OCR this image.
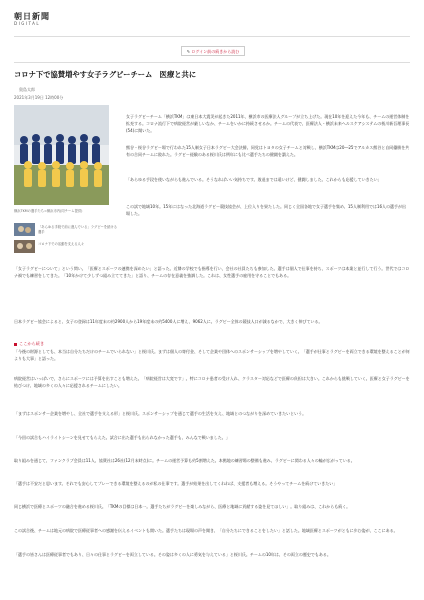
朝日新聞
DIGITAL
✎ ログイン前の続きから読む
コロナ下で協賛増やす女子ラグビーチーム　医療と共に
奥島太郎
2021年3月19日 12時00分
横浜TKMの選手たち=横浜市内(同チーム提供)
「あらゆる手段で前に進んでいる」ラグビーを続ける選手
コロナ下での活動を支える人々

女子ラグビーチーム「横浜TKM」は東日本大震災が起きた2011年、横浜市の医療法人グループが立ち上げた。現在10年を迎えた今年も、チームの運営体制を拡充する。コロナ流行下で病院経営が厳しいなか、チームをいかに持続させるか。チームの代表で、医療法人・横浜未来ヘルスケアシステムの桜川新吾理事長(54)に聞いた。

熊谷・桜谷ラグビー場で行われた15人制女子日本ラグビー大会決勝。同党はトヨタの女子チームと対戦し、横浜TKMは20―25でアルカス熊谷と自同優勝を共有の合同チームに敗れた。ラグビー経験のある桜川氏は例年にも比べ選手たちの健闘を讃えた。

「あらゆる手段を使いながらも進んでいる。そうなればいい気持ちです。敗退までは遠いけど、健闘しました。これからも応援していきたい」

この試で地域10年。15年にはなった北海道ラグビー競技協会が、上位入りを果たした。同じく全国各地で女子選手を集め、15人制利用では16人の選手が出場した。

「女子ラグビーについて」という問い。「医療とスポーツの連携を深めたい」と語った。近隣の学校でも指導を行い、会社の社員たちも参加した。選手は個人で仕事を持ち、スポーツは本業と並行して行う。世代ではコロナ禍でも練習をしてきた。「10年かけて少しずつ組み立ててきた」と語り、チームの存在意義を強調した。これは、女性選手の雇用を守ることでもある。

日本ラグビー協会によると、女子の登録は11年度末の約2900人から19年度末の約5400人に増え、9062人に。ラグビー全体の競技人口が減るなかで、大きく伸びている。

ここから続き

「今後の財源としても、本当は自分たちだけのチームでいられない」と桜川氏。まずは個人の寄付金、そして企業や団体へのスポンサーシップを増やしていく。「選手が仕事とラグビーを両立できる環境を整えることが何よりも大事」と語った。

病院経営はいっぱいで、さらにスポーツには予算を出すことも増えた。「病院経営は大変です」。特にコロナ患者の受け入れ、クラスター対応などで医療の負担は大きい。これからも挑戦していく。医療と女子ラグビーを結びつけ、地域の多くの人々に応援されるチームにしたい。

「まずはスポンサー企業を増やし、全社で選手を支える形」と桜川氏。スポンサーシップを通じて選手の生活を支え、地域とのつながりを深めていきたいという。

「今回の試合もハイライトシーンを見せてもらえた。試合に出た選手も出られなかった選手も、みんなで戦いました。」

取り組みを通じて、ファンクラブ会員は11人、協賛社は26社(12月末時点)に。チームの運営予算も約5割増えた。本拠地の練習場の整備も進み、ラグビーに関わる人々の輪が広がっている。

「選手は不安だと思います。それでも安心してプレーできる環境を整えるのが私の仕事です。選手が結果を出してくれれば、支援者も増える。そうやってチームを続けていきたい」

同じ横浜で医療とスポーツの融合を進める桜川氏。「TKMの目標は日本一。選手たちがラグビーを楽しみながら、医療と地域に貢献する姿を見てほしい」。取り組みは、これからも続く。

この試合後、チームは地元の病院で医療従事者への感謝を伝えるイベントも開いた。選手たちは現場の声を聞き、「自分たちにできることをしたい」と話した。地域医療とスポーツがともに歩む姿が、ここにある。

「選手の皆さんは医療従事者でもあり、日々の仕事とラグビーを両立している。その姿は多くの人に勇気を与えている」と桜川氏。チームの10年は、その両立の歴史でもある。
